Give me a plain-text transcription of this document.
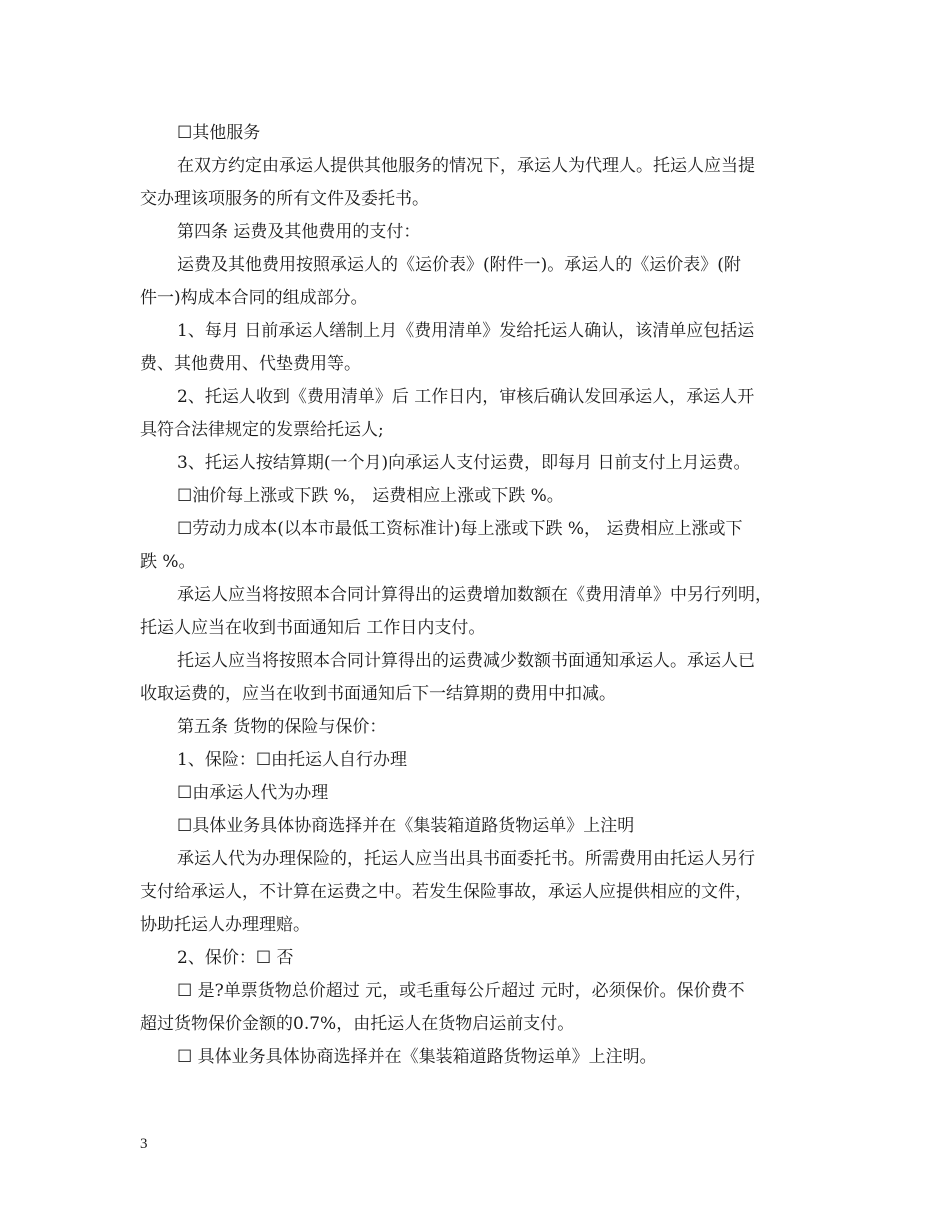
☐其他服务
在双方约定由承运人提供其他服务的情况下，承运人为代理人。托运人应当提
交办理该项服务的所有文件及委托书。
第四条 运费及其他费用的支付：
运费及其他费用按照承运人的《运价表》(附件一)。承运人的《运价表》(附
件一)构成本合同的组成部分。
1、每月 日前承运人缮制上月《费用清单》发给托运人确认，该清单应包括运
费、其他费用、代垫费用等。
2、托运人收到《费用清单》后 工作日内，审核后确认发回承运人，承运人开
具符合法律规定的发票给托运人;
3、托运人按结算期(一个月)向承运人支付运费，即每月 日前支付上月运费。
☐油价每上涨或下跌 %， 运费相应上涨或下跌 %。
☐劳动力成本(以本市最低工资标准计)每上涨或下跌 %， 运费相应上涨或下
跌 %。
承运人应当将按照本合同计算得出的运费增加数额在《费用清单》中另行列明，
托运人应当在收到书面通知后 工作日内支付。
托运人应当将按照本合同计算得出的运费减少数额书面通知承运人。承运人已
收取运费的，应当在收到书面通知后下一结算期的费用中扣减。
第五条 货物的保险与保价：
1、保险：☐由托运人自行办理
☐由承运人代为办理
☐具体业务具体协商选择并在《集装箱道路货物运单》上注明
承运人代为办理保险的，托运人应当出具书面委托书。所需费用由托运人另行
支付给承运人，不计算在运费之中。若发生保险事故，承运人应提供相应的文件，
协助托运人办理理赔。
2、保价：☐ 否
☐ 是?单票货物总价超过 元，或毛重每公斤超过 元时，必须保价。保价费不
超过货物保价金额的0.7%，由托运人在货物启运前支付。
☐ 具体业务具体协商选择并在《集装箱道路货物运单》上注明。
3
